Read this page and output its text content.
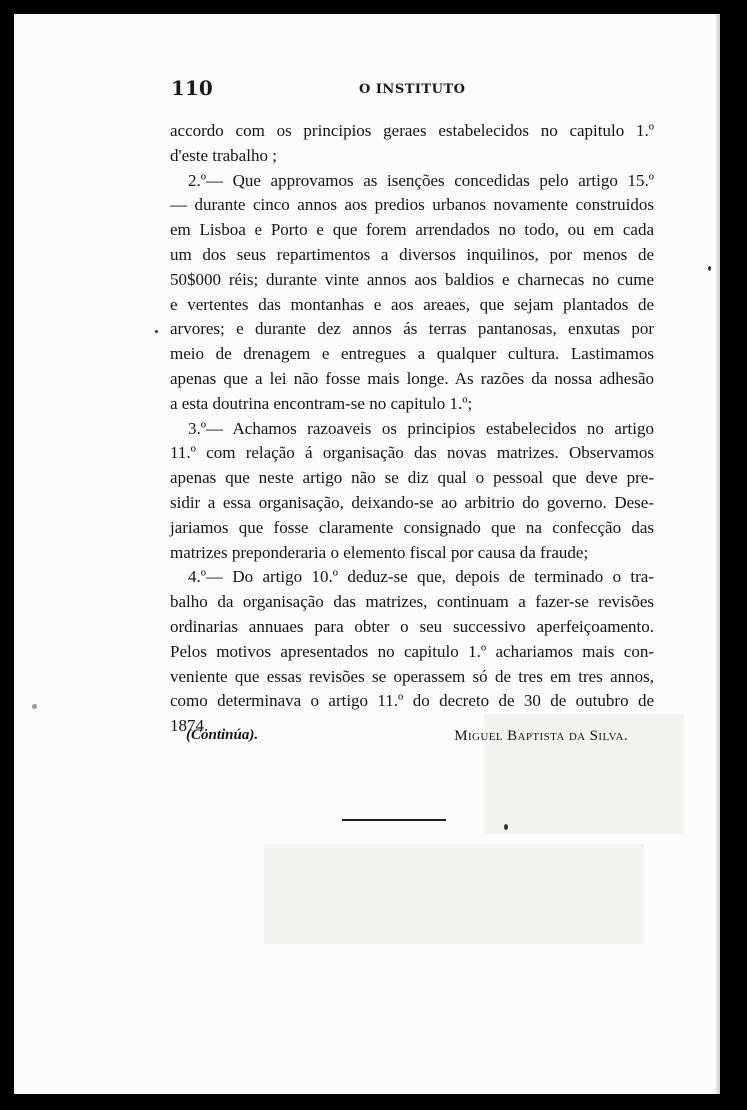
110	O INSTITUTO
accordo com os principios geraes estabelecidos no capitulo 1.º
d'este trabalho ;
2.º— Que approvamos as isenções concedidas pelo artigo 15.º
— durante cinco annos aos predios urbanos novamente construidos
em Lisboa e Porto e que forem arrendados no todo, ou em cada
um dos seus repartimentos a diversos inquilinos, por menos de
50$000 réis; durante vinte annos aos baldios e charnecas no cume
e vertentes das montanhas e aos areaes, que sejam plantados de
arvores; e durante dez annos ás terras pantanosas, enxutas por
meio de drenagem e entregues a qualquer cultura. Lastimamos
apenas que a lei não fosse mais longe. As razões da nossa adhesão
a esta doutrina encontram-se no capitulo 1.º;
3.º— Achamos razoaveis os principios estabelecidos no artigo
11.º com relação á organisação das novas matrizes. Observamos
apenas que neste artigo não se diz qual o pessoal que deve pre-
sidir a essa organisação, deixando-se ao arbitrio do governo. Dese-
jariamos que fosse claramente consignado que na confecção das
matrizes preponderaria o elemento fiscal por causa da fraude;
4.º— Do artigo 10.º deduz-se que, depois de terminado o tra-
balho da organisação das matrizes, continuam a fazer-se revisões
ordinarias annuaes para obter o seu successivo aperfeiçoamento.
Pelos motivos apresentados no capitulo 1.º achariamos mais con-
veniente que essas revisões se operassem só de tres em tres annos,
como determinava o artigo 11.º do decreto de 30 de outubro de
1874.
(Continúa).	Miguel Baptista da Silva.
